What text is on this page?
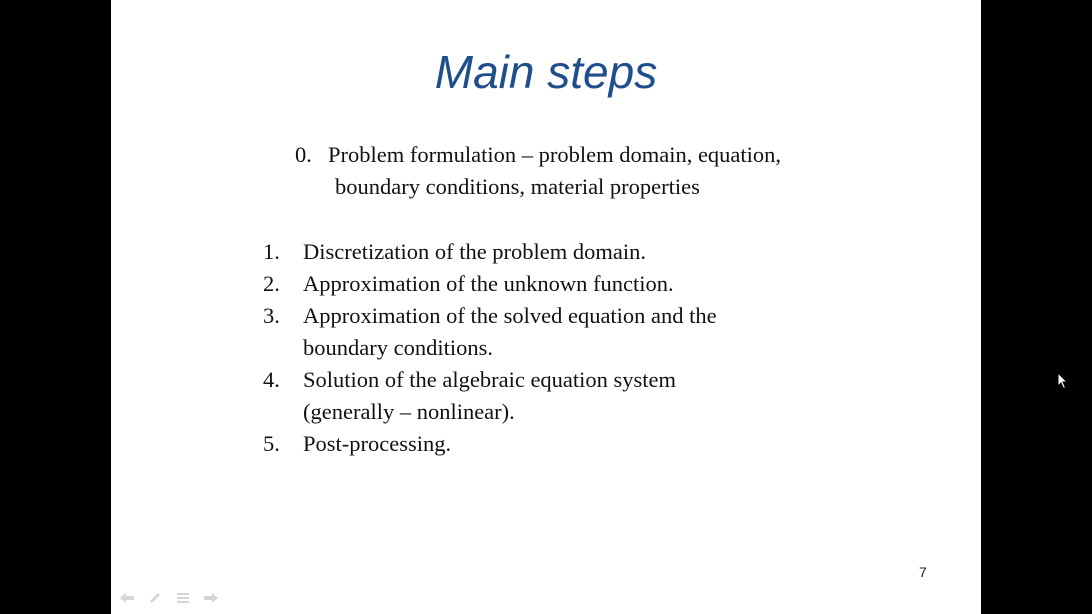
Main steps
0. Problem formulation – problem domain, equation,
boundary conditions, material properties
1.	Discretization of the problem domain.
2.	Approximation of the unknown function.
3.	Approximation of the solved equation and the
boundary conditions.
4.	Solution of the algebraic equation system
(generally – nonlinear).
5.	Post-processing.
7
